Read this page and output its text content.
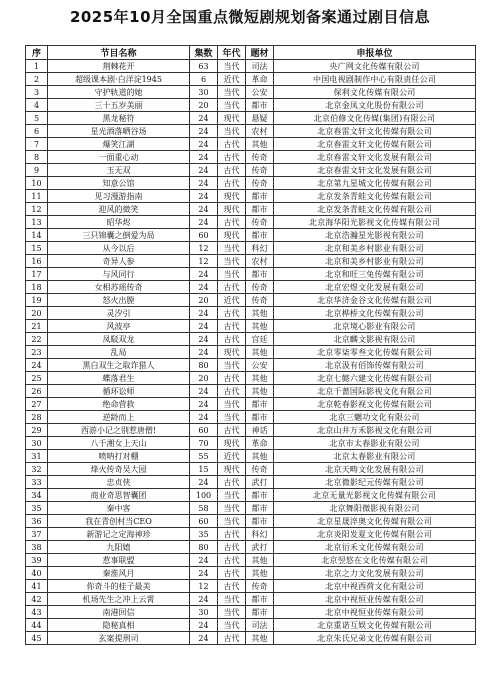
2025年10月全国重点微短剧规划备案通过剧目信息
序	节目名称	集数	年代	题材	申报单位
1	荆棘花开	63	当代	司法	央广网文化传媒有限公司
2	超级课本剧·白洋淀1945	6	近代	革命	中国电视剧制作中心有限责任公司
3	守护轨道的她	30	当代	公安	保利文化传媒有限公司
4	三十五岁美丽	20	当代	都市	北京金凤文化股份有限公司
5	黑龙秘符	24	现代	悬疑	北京伯修文化传媒(集团)有限公司
6	星光酒落晒谷场	24	当代	农村	北京春雷文轩文化传媒有限公司
7	爆笑江湖	24	古代	其他	北京春雷文轩文化传媒有限公司
8	一面重心动	24	古代	传奇	北京春雷文轩文化发展有限公司
9	玉无双	24	古代	传奇	北京春雷文轩文化发展有限公司
10	知意公馆	24	古代	传奇	北京第九星城文化传媒有限公司
11	见习漫游指南	24	现代	都市	北京发条青蛙文化传媒有限公司
12	迎风的微笑	24	现代	都市	北京发条青蛙文化传媒有限公司
13	昭华烬	24	古代	传奇	北京海华阳光影视文化传媒有限公司
14	三只锦囊之倒爱为局	60	现代	都市	北京浩瀚星光影视有限公司
15	从今以后	12	当代	科幻	北京和美乡村影业有限公司
16	奇异人参	12	当代	农村	北京和美乡村影业有限公司
17	与风同行	24	当代	都市	北京和旺三兔传媒有限公司
18	女相苏瑶传奇	24	古代	传奇	北京宏煜文化发展有限公司
19	怒火出膛	20	近代	传奇	北京华济金谷文化传媒有限公司
20	灵汐引	24	古代	其他	北京桦桥文化传媒有限公司
21	风波亭	24	古代	其他	北京境心影业有限公司
22	凤駁双龙	24	古代	宫廷	北京麟文影视有限公司
23	乱局	24	现代	其他	北京零柒零叁文化传媒有限公司
24	黑白双生之取诈猎人	80	当代	公安	北京汲有佰饰传媒有限公司
25	蝶落君生	20	古代	其他	北京七懿六建文化传媒有限公司
26	循环讼师	24	古代	其他	北京千蔷国际影视文化有限公司
27	绝命营救	24	当代	都市	北京乾春影视文化传媒有限公司
28	逆龄而上	24	当代	都市	北京三魍功文化有限公司
29	西游小记之别惹唐僧!	60	古代	神话	北京山井万禾影视文化有限公司
30	八千湘女上天山	70	现代	革命	北京市太春影业有限公司
31	喷呐打对棚	55	近代	其他	北京太春影业有限公司
32	烽火传奇吴大园	15	现代	传奇	北京天畴文化发展有限公司
33	忠贞侠	24	古代	武打	北京微影纪元传媒有限公司
34	商业奇思智囊团	100	当代	都市	北京无量光影视文化传媒有限公司
35	秦中客	58	当代	都市	北京舞阳微影视有限公司
36	我在青创村当CEO	60	当代	都市	北京星晟淬奥文化传媒有限公司
37	新游记之定海神珍	35	古代	科幻	北京炎阳发夏文化传媒有限公司
38	九阳嬉	80	古代	武打	北京衍禾文化传媒有限公司
39	惹事联盟	24	古代	其他	北京翌悠在文化传媒有限公司
40	秦淮风月	24	古代	其他	北京之力文化发展有限公司
41	你奇斗的桂子最美	12	古代	传奇	北京中视西荷文化有限公司
42	机场先生之冲上云霄	24	当代	都市	北京中视恒业传媒有限公司
43	南港回信	30	当代	都市	北京中视恒业传媒有限公司
44	隐秘真相	24	当代	司法	北京重诺互娱文化传媒有限公司
45	玄案提刑司	24	古代	其他	北京朱氏兄弟文化传媒有限公司
